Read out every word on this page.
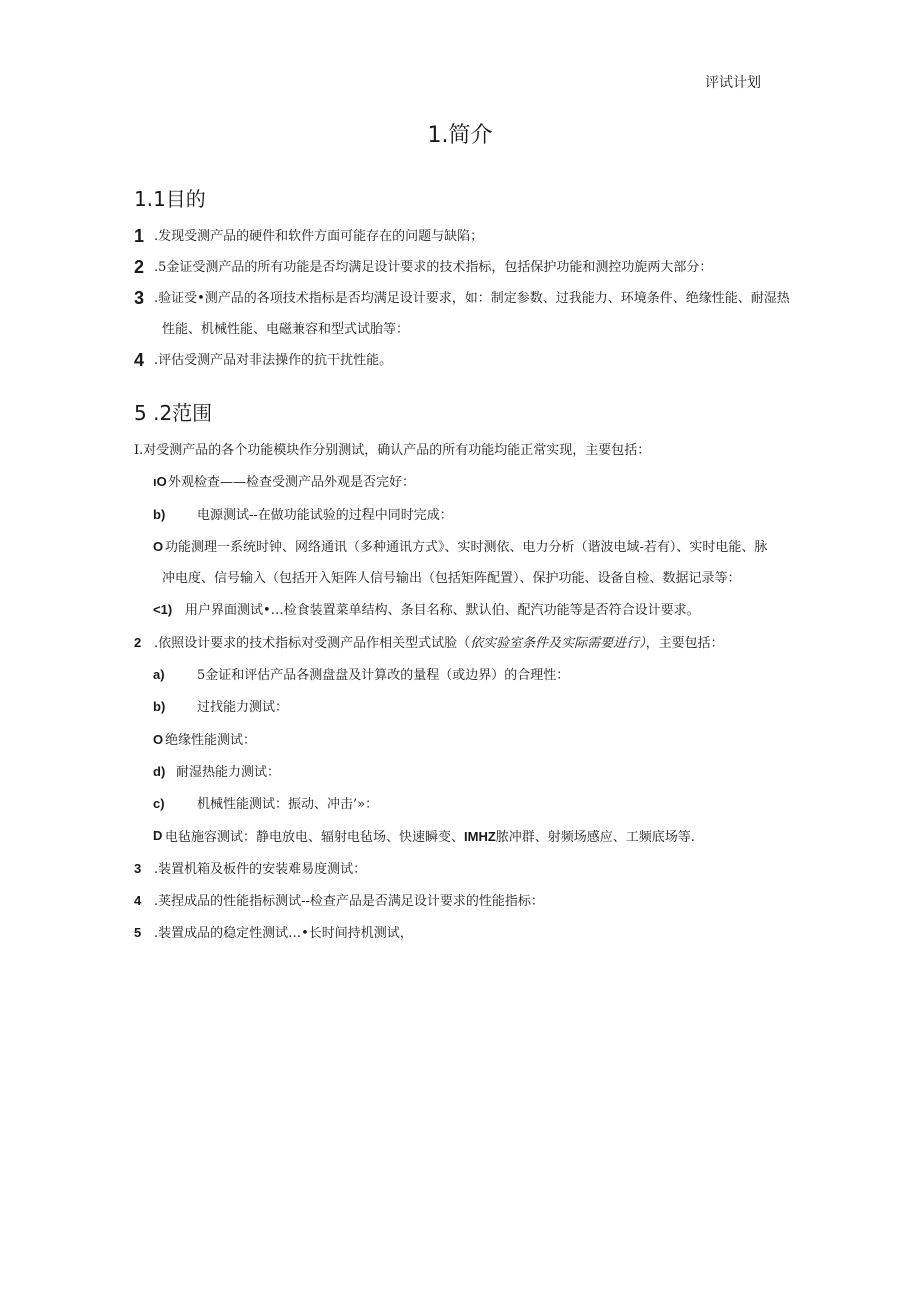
评试计划
1.简介
1.1目的
1 .发现受测产品的硬件和软件方面可能存在的问题与缺陷；
2 .5金证受测产品的所有功能是否均满足设计要求的技术指标，包括保护功能和测控功旎两大部分：
3 .验证受•测产品的各项技术指标是否均满足设计要求，如：制定参数、过我能力、环境条件、绝缘性能、耐湿热
性能、机械性能、电磁兼容和型式试胎等：
4 .评估受测产品对非法操作的抗干扰性能。
5 .2范围
I.对受测产品的各个功能模块作分别测试，确认产品的所有功能均能正常实现，主要包括：
ıO 外观检查——检查受测产品外观是否完好：
b) 电源测试--在做功能试验的过程中同时完成：
O 功能测理一系统时钟、网络通讯（多种通讯方式》、实时测依、电力分析（谐波电域-若有）、实时电能、脉
冲电度、信号输入（包括开入矩阵人信号输出（包括矩阵配置）、保护功能、设备自检、数据记录等：
<1) 用户界面测试•…检食装置菜单结构、条目名称、默认伯、配汽功能等是否符合设计要求。
2 .依照设计要求的技术指标对受测产品作相关型式试脸（依实验室条件及实际需要进行），主要包括：
a) 5金证和评估产品各测盘盘及计算改的量程（或边界）的合理性：
b) 过找能力测试：
O 绝缘性能测试：
d) 耐湿热能力测试：
c) 机械性能测试：振动、冲击’»：
D 电毡施容测试：静电放电、辐射电毡场、快速瞬变、IMHZ脓冲群、射频场感应、工频底场等.
3 .装置机箱及板件的安装难易度测试：
4 .荚捏成品的性能指标测试--检查产品是否满足设计要求的性能指标：
5 .装置成品的稳定性测试…•长时间持机测试，
